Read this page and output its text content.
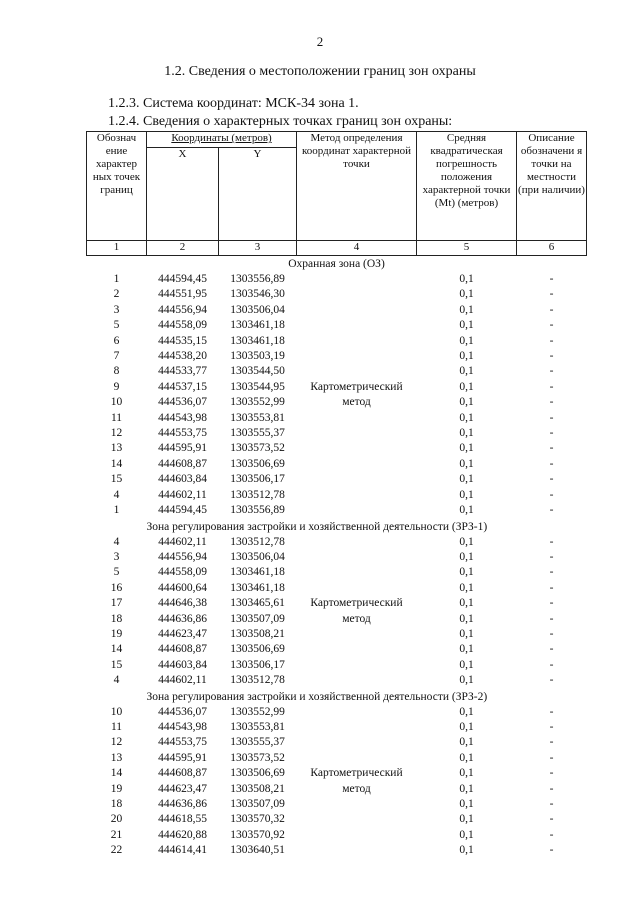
2
1.2. Сведения о местоположении границ зон охраны
1.2.3. Система координат: МСК-34 зона 1.
1.2.4. Сведения о характерных точках границ зон охраны:
Обознач ение характер ных точек границ	Координаты (метров)		Метод определения координат характерной точки	Средняя квадратическая погрешность положения характерной точки (Mt) (метров)	Описание обозначени я точки на местности (при наличии)
	X	Y			
1	2	3	4	5	6
Охранная зона (ОЗ)					
1	444594,45	1303556,89	Картометрический метод	0,1	-
2	444551,95	1303546,30		0,1	-
3	444556,94	1303506,04		0,1	-
5	444558,09	1303461,18		0,1	-
6	444535,15	1303461,18		0,1	-
7	444538,20	1303503,19		0,1	-
8	444533,77	1303544,50		0,1	-
9	444537,15	1303544,95		0,1	-
10	444536,07	1303552,99		0,1	-
11	444543,98	1303553,81		0,1	-
12	444553,75	1303555,37		0,1	-
13	444595,91	1303573,52		0,1	-
14	444608,87	1303506,69		0,1	-
15	444603,84	1303506,17		0,1	-
4	444602,11	1303512,78		0,1	-
1	444594,45	1303556,89		0,1	-
Зона регулирования застройки и хозяйственной деятельности (ЗРЗ-1)					
4	444602,11	1303512,78	Картометрический метод	0,1	-
3	444556,94	1303506,04		0,1	-
5	444558,09	1303461,18		0,1	-
16	444600,64	1303461,18		0,1	-
17	444646,38	1303465,61		0,1	-
18	444636,86	1303507,09		0,1	-
19	444623,47	1303508,21		0,1	-
14	444608,87	1303506,69		0,1	-
15	444603,84	1303506,17		0,1	-
4	444602,11	1303512,78		0,1	-
Зона регулирования застройки и хозяйственной деятельности (ЗРЗ-2)					
10	444536,07	1303552,99	Картометрический метод	0,1	-
11	444543,98	1303553,81		0,1	-
12	444553,75	1303555,37		0,1	-
13	444595,91	1303573,52		0,1	-
14	444608,87	1303506,69		0,1	-
19	444623,47	1303508,21		0,1	-
18	444636,86	1303507,09		0,1	-
20	444618,55	1303570,32		0,1	-
21	444620,88	1303570,92		0,1	-
22	444614,41	1303640,51		0,1	-
